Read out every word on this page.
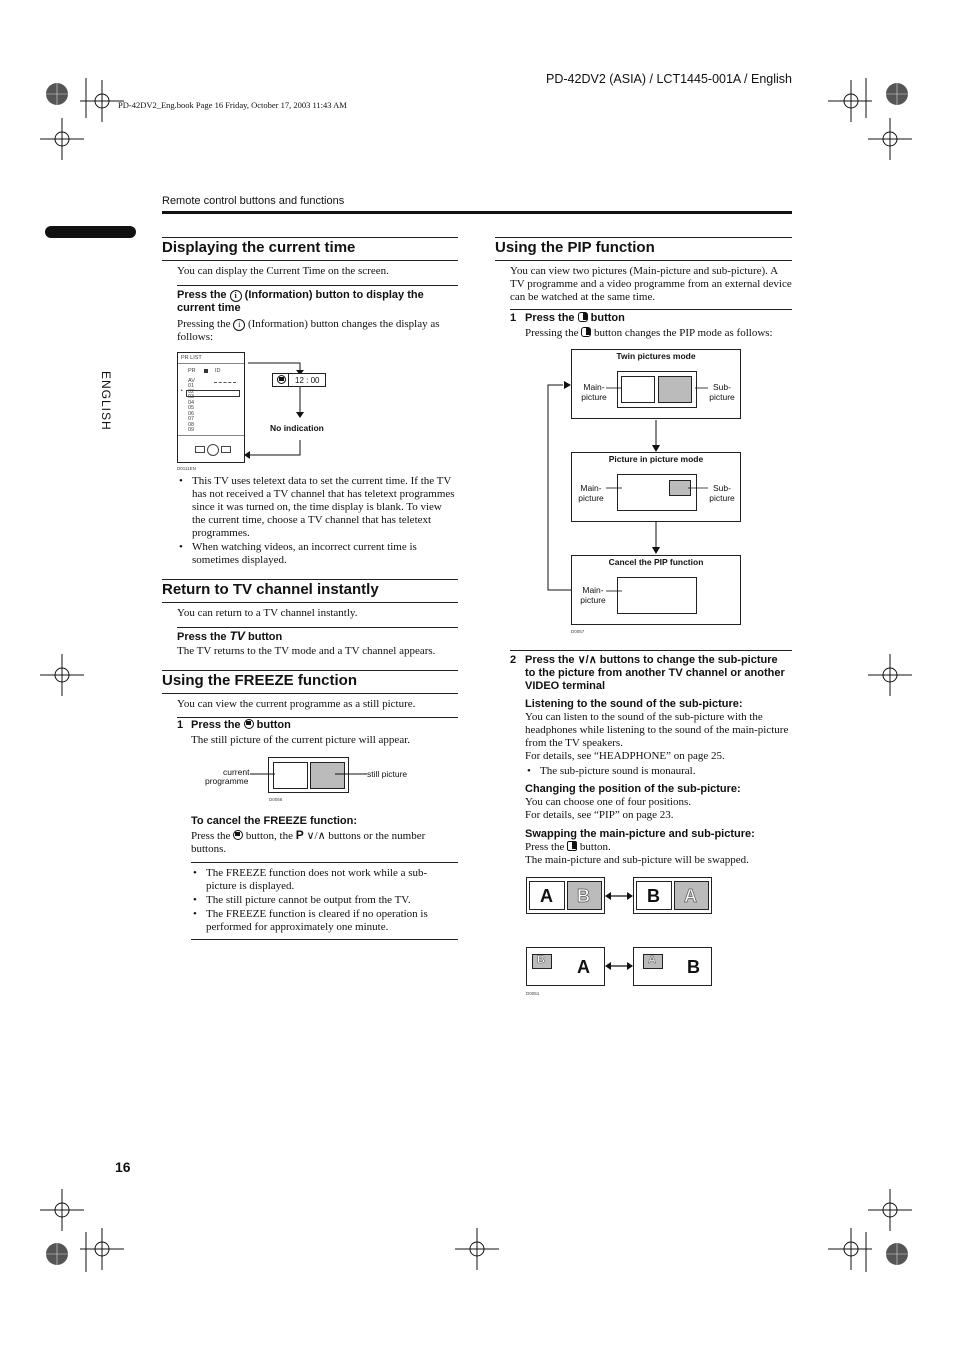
PD-42DV2 (ASIA) / LCT1445-001A / English
PD-42DV2_Eng.book Page 16 Friday, October 17, 2003 11:43 AM
Remote control buttons and functions
ENGLISH
16
Displaying the current time
You can display the Current Time on the screen.
Press the i (Information) button to display the current time
Pressing the i (Information) button changes the display as follows:
PR LIST
PR	ID
AV
01
02
03
04
05
06
07
08
09
◔
D0111EN
12 : 00
No indication
• This TV uses teletext data to set the current time. If the TV has not received a TV channel that has teletext programmes since it was turned on, the time display is blank. To view the current time, choose a TV channel that has teletext programmes.
• When watching videos, an incorrect current time is sometimes displayed.
Return to TV channel instantly
You can return to a TV channel instantly.
Press the TV button
The TV returns to the TV mode and a TV channel appears.
Using the FREEZE function
You can view the current programme as a still picture.
1 Press the button
The still picture of the current picture will appear.
current
programme
still picture
D0056
To cancel the FREEZE function:
Press the button, the P ∨/∧ buttons or the number buttons.
• The FREEZE function does not work while a sub-picture is displayed.
• The still picture cannot be output from the TV.
• The FREEZE function is cleared if no operation is performed for approximately one minute.
Using the PIP function
You can view two pictures (Main-picture and sub-picture). A TV programme and a video programme from an external device can be watched at the same time.
1 Press the button
Pressing the button changes the PIP mode as follows:
Twin pictures mode
Main-
picture
Sub-
picture
Picture in picture mode
Main-
picture
Sub-
picture
Cancel the PIP function
Main-
picture
D0057
2 Press the ∨/∧ buttons to change the sub-picture to the picture from another TV channel or another VIDEO terminal
Listening to the sound of the sub-picture:
You can listen to the sound of the sub-picture with the headphones while listening to the sound of the main-picture from the TV speakers.
For details, see “HEADPHONE” on page 25.
• The sub-picture sound is monaural.
Changing the position of the sub-picture:
You can choose one of four positions.
For details, see “PIP” on page 23.
Swapping the main-picture and sub-picture:
Press the button.
The main-picture and sub-picture will be swapped.
A B	B A
B A	A B
D0051
